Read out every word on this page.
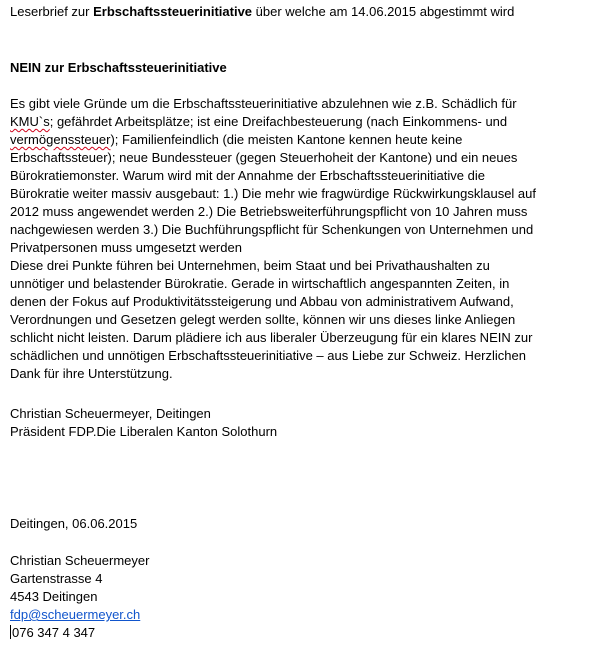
Leserbrief zur Erbschaftssteuerinitiative über welche am 14.06.2015 abgestimmt wird
NEIN zur Erbschaftssteuerinitiative
Es gibt viele Gründe um die Erbschaftssteuerinitiative abzulehnen wie z.B. Schädlich für
KMU`s; gefährdet Arbeitsplätze; ist eine Dreifachbesteuerung (nach Einkommens- und
vermögenssteuer); Familienfeindlich (die meisten Kantone kennen heute keine
Erbschaftssteuer); neue Bundessteuer (gegen Steuerhoheit der Kantone) und ein neues
Bürokratiemonster. Warum wird mit der Annahme der Erbschaftssteuerinitiative die
Bürokratie weiter massiv ausgebaut: 1.) Die mehr wie fragwürdige Rückwirkungsklausel auf
2012 muss angewendet werden 2.) Die Betriebsweiterführungspflicht von 10 Jahren muss
nachgewiesen werden 3.) Die Buchführungspflicht für Schenkungen von Unternehmen und
Privatpersonen muss umgesetzt werden
Diese drei Punkte führen bei Unternehmen, beim Staat und bei Privathaushalten zu
unnötiger und belastender Bürokratie. Gerade in wirtschaftlich angespannten Zeiten, in
denen der Fokus auf Produktivitätssteigerung und Abbau von administrativem Aufwand,
Verordnungen und Gesetzen gelegt werden sollte, können wir uns dieses linke Anliegen
schlicht nicht leisten. Darum plädiere ich aus liberaler Überzeugung für ein klares NEIN zur
schädlichen und unnötigen Erbschaftssteuerinitiative – aus Liebe zur Schweiz. Herzlichen
Dank für ihre Unterstützung.
Christian Scheuermeyer, Deitingen
Präsident FDP.Die Liberalen Kanton Solothurn
Deitingen, 06.06.2015
Christian Scheuermeyer
Gartenstrasse 4
4543 Deitingen
fdp@scheuermeyer.ch
076 347 4 347
